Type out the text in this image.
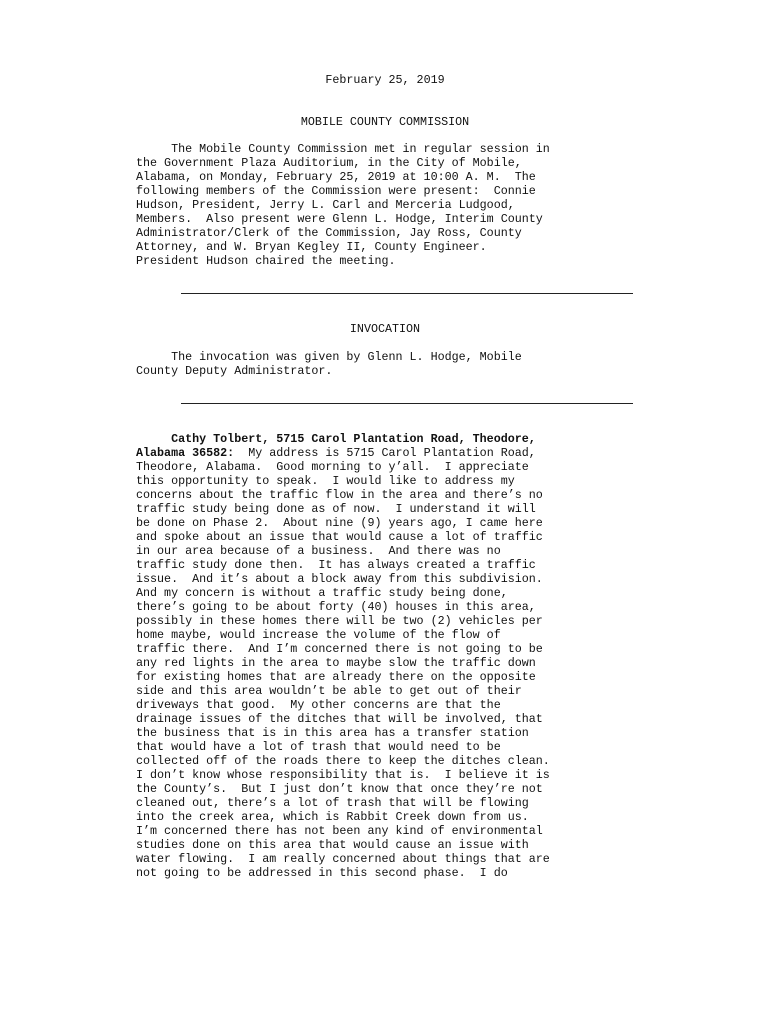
February 25, 2019
MOBILE COUNTY COMMISSION
The Mobile County Commission met in regular session in
the Government Plaza Auditorium, in the City of Mobile,
Alabama, on Monday, February 25, 2019 at 10:00 A. M.  The
following members of the Commission were present:  Connie
Hudson, President, Jerry L. Carl and Merceria Ludgood,
Members.  Also present were Glenn L. Hodge, Interim County
Administrator/Clerk of the Commission, Jay Ross, County
Attorney, and W. Bryan Kegley II, County Engineer.
President Hudson chaired the meeting.
INVOCATION
The invocation was given by Glenn L. Hodge, Mobile
County Deputy Administrator.
Cathy Tolbert, 5715 Carol Plantation Road, Theodore,
Alabama 36582:  My address is 5715 Carol Plantation Road,
Theodore, Alabama.  Good morning to y’all.  I appreciate
this opportunity to speak.  I would like to address my
concerns about the traffic flow in the area and there’s no
traffic study being done as of now.  I understand it will
be done on Phase 2.  About nine (9) years ago, I came here
and spoke about an issue that would cause a lot of traffic
in our area because of a business.  And there was no
traffic study done then.  It has always created a traffic
issue.  And it’s about a block away from this subdivision.
And my concern is without a traffic study being done,
there’s going to be about forty (40) houses in this area,
possibly in these homes there will be two (2) vehicles per
home maybe, would increase the volume of the flow of
traffic there.  And I’m concerned there is not going to be
any red lights in the area to maybe slow the traffic down
for existing homes that are already there on the opposite
side and this area wouldn’t be able to get out of their
driveways that good.  My other concerns are that the
drainage issues of the ditches that will be involved, that
the business that is in this area has a transfer station
that would have a lot of trash that would need to be
collected off of the roads there to keep the ditches clean.
I don’t know whose responsibility that is.  I believe it is
the County’s.  But I just don’t know that once they’re not
cleaned out, there’s a lot of trash that will be flowing
into the creek area, which is Rabbit Creek down from us.
I’m concerned there has not been any kind of environmental
studies done on this area that would cause an issue with
water flowing.  I am really concerned about things that are
not going to be addressed in this second phase.  I do
